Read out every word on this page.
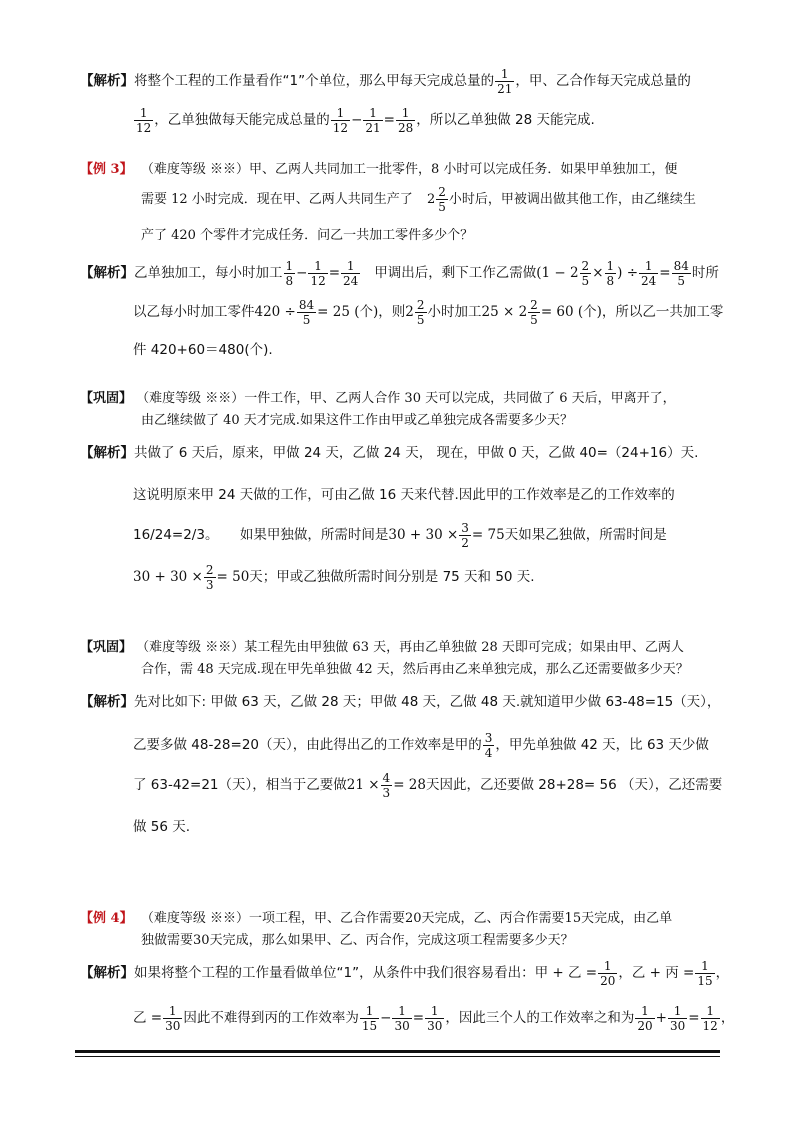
【解析】将整个工程的工作量看作“1”个单位，那么甲每天完成总量的 $\frac{1}{21}$ ，甲、乙合作每天完成总量的
$\frac{1}{12}$ ，乙单独做每天能完成总量的 $\frac{1}{12} - \frac{1}{21} = \frac{1}{28}$ ，所以乙单独做 28 天能完成.
【例 3】 （难度等级 ※※）甲、乙两人共同加工一批零件，8 小时可以完成任务．如果甲单独加工，便
需要 12 小时完成．现在甲、乙两人共同生产了 $2 \frac{2}{5}$ 小时后，甲被调出做其他工作，由乙继续生
产了 420 个零件才完成任务．问乙一共加工零件多少个？
【解析】乙单独加工，每小时加工 $\frac{1}{8} - \frac{1}{12} = \frac{1}{24}$ 甲调出后，剩下工作乙需做($1 - 2 \frac{2}{5} \times \frac{1}{8}$ ) ÷ $\frac{1}{24} = \frac{84}{5}$ 时所
以乙每小时加工零件$420 \div \frac{84}{5} = 25$ (个)，则$2 \frac{2}{5}$ 小时加工$25 \times 2 \frac{2}{5} = 60$ (个)，所以乙一共加工零
件 420+60＝480(个).
【巩固】 （难度等级 ※※）一件工作，甲、乙两人合作 30 天可以完成，共同做了 6 天后，甲离开了，
由乙继续做了 40 天才完成.如果这件工作由甲或乙单独完成各需要多少天？
【解析】共做了 6 天后，原来，甲做 24 天，乙做 24 天， 现在，甲做 0 天，乙做 40=（24+16）天.
这说明原来甲 24 天做的工作，可由乙做 16 天来代替.因此甲的工作效率是乙的工作效率的
16/24=2/3。 如果甲独做，所需时间是$30 + 30 \times \frac{3}{2} = 75$天如果乙独做，所需时间是
$30 + 30 \times \frac{2}{3} = 50$天；甲或乙独做所需时间分别是 75 天和 50 天.
【巩固】 （难度等级 ※※）某工程先由甲独做 63 天，再由乙单独做 28 天即可完成；如果由甲、乙两人
合作，需 48 天完成.现在甲先单独做 42 天，然后再由乙来单独完成，那么乙还需要做多少天？
【解析】先对比如下: 甲做 63 天，乙做 28 天；甲做 48 天，乙做 48 天.就知道甲少做 63-48=15（天），
乙要多做 48-28=20（天），由此得出乙的工作效率是甲的 $\frac{3}{4}$ ，甲先单独做 42 天，比 63 天少做
了 63-42=21（天），相当于乙要做$21 \times \frac{4}{3} = 28$天因此，乙还要做 28+28= 56 （天），乙还需要
做 56 天.
【例 4】 （难度等级 ※※）一项工程，甲、乙合作需要20天完成，乙、丙合作需要15天完成，由乙单
独做需要30天完成，那么如果甲、乙、丙合作，完成这项工程需要多少天？
【解析】如果将整个工程的工作量看做单位“1”，从条件中我们很容易看出：甲 + 乙 = $\frac{1}{20}$ ，乙 + 丙 = $\frac{1}{15}$ ，
乙 = $\frac{1}{30}$ 因此不难得到丙的工作效率为 $\frac{1}{15} - \frac{1}{30} = \frac{1}{30}$ ，因此三个人的工作效率之和为 $\frac{1}{20} + \frac{1}{30} = \frac{1}{12}$ ，
